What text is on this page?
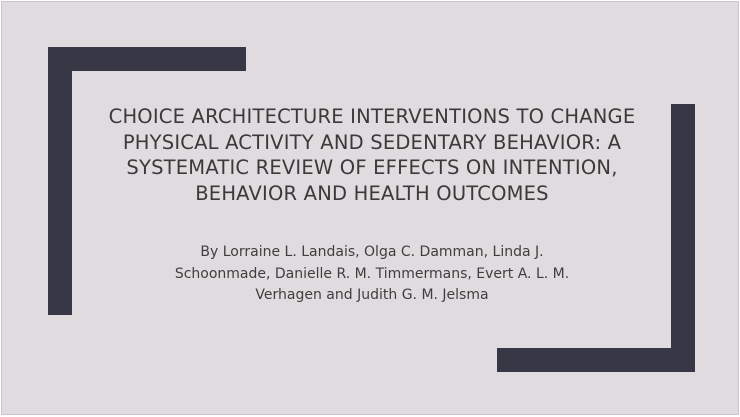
CHOICE ARCHITECTURE INTERVENTIONS TO CHANGE PHYSICAL ACTIVITY AND SEDENTARY BEHAVIOR: A SYSTEMATIC REVIEW OF EFFECTS ON INTENTION, BEHAVIOR AND HEALTH OUTCOMES

By Lorraine L. Landais, Olga C. Damman, Linda J. Schoonmade, Danielle R. M. Timmermans, Evert A. L. M. Verhagen and Judith G. M. Jelsma
